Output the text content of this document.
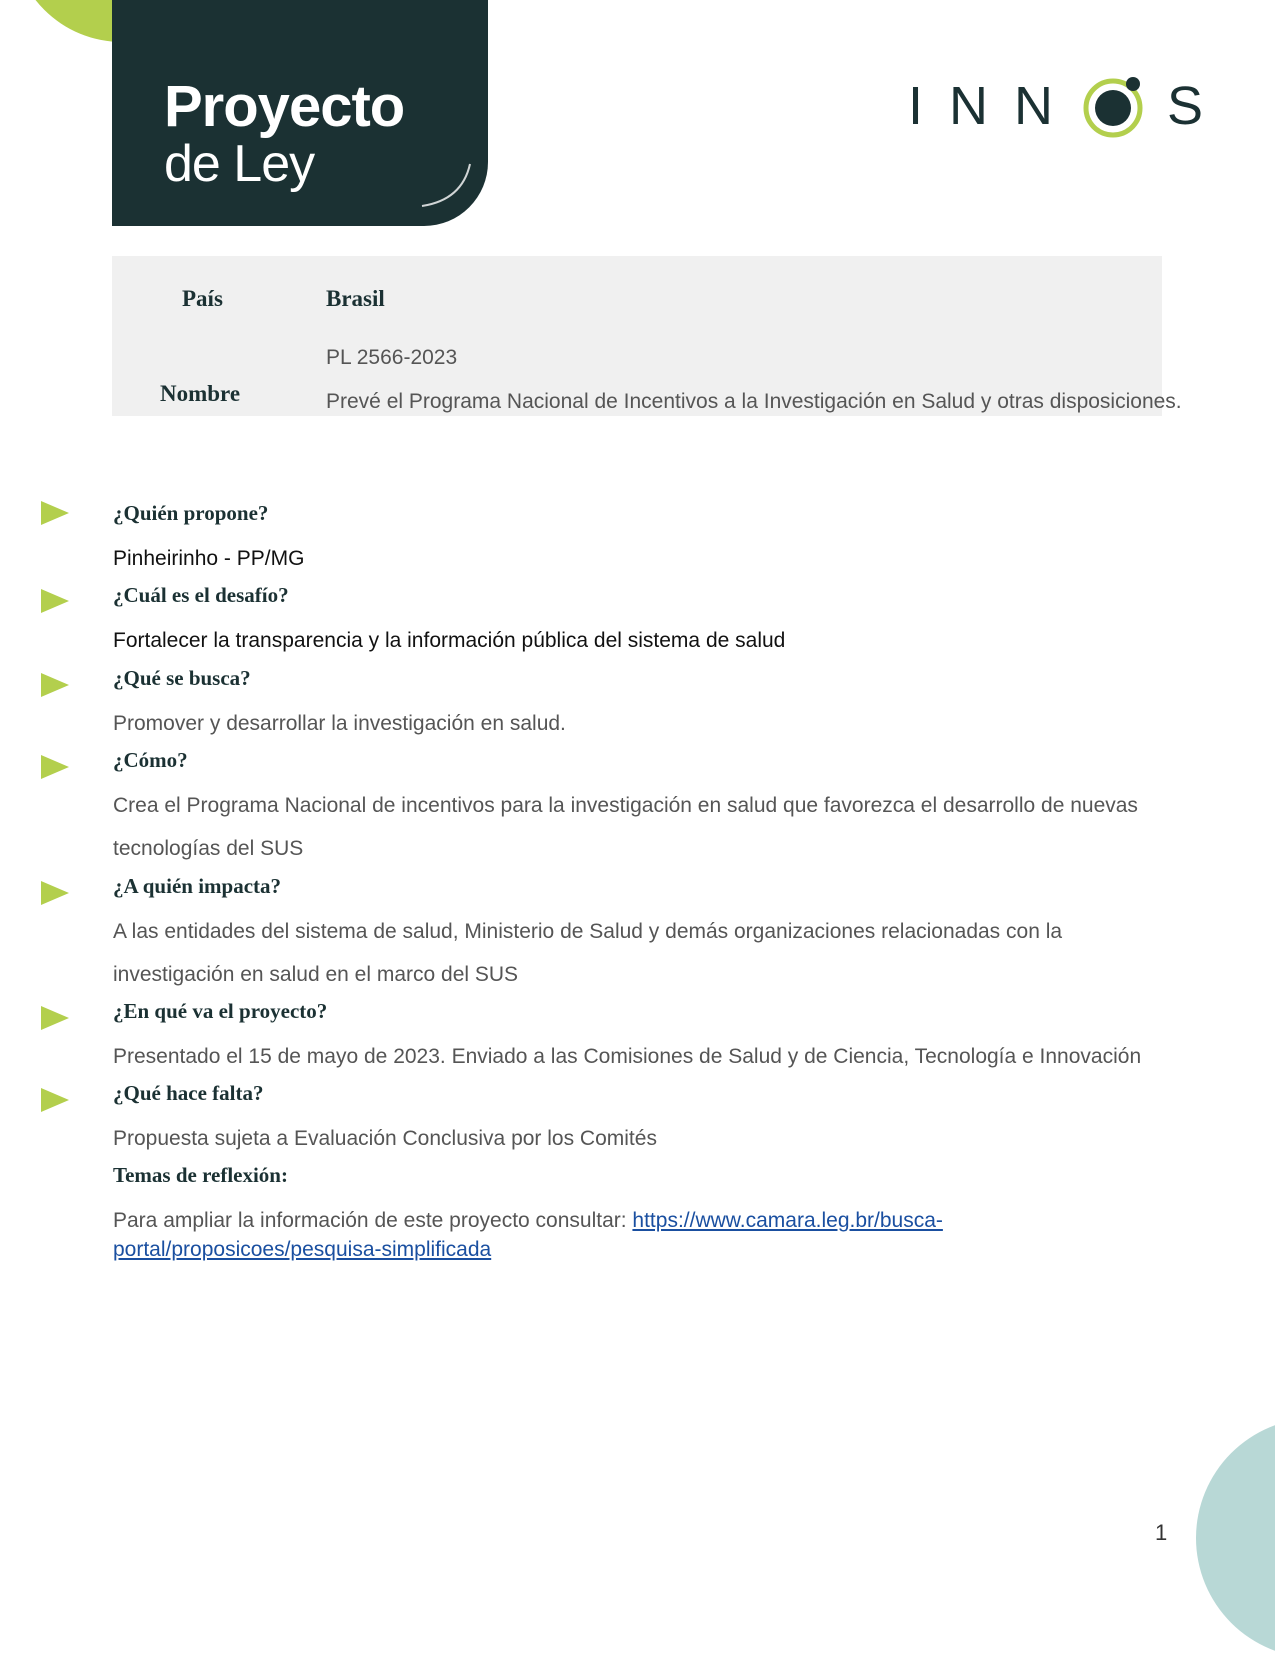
Proyecto
de Ley
I N N S
País	Brasil
Nombre
PL 2566-2023
Prevé el Programa Nacional de Incentivos a la Investigación en Salud y otras disposiciones.

¿Quién propone?

Pinheirinho - PP/MG

¿Cuál es el desafío?

Fortalecer la transparencia y la información pública del sistema de salud

¿Qué se busca?

Promover y desarrollar la investigación en salud.

¿Cómo?

Crea el Programa Nacional de incentivos para la investigación en salud que favorezca el desarrollo de nuevas tecnologías del SUS

¿A quién impacta?

A las entidades del sistema de salud, Ministerio de Salud y demás organizaciones relacionadas con la investigación en salud en el marco del SUS

¿En qué va el proyecto?

Presentado el 15 de mayo de 2023. Enviado a las Comisiones de Salud y de Ciencia, Tecnología e Innovación

¿Qué hace falta?

Propuesta sujeta a Evaluación Conclusiva por los Comités

Temas de reflexión:

Para ampliar la información de este proyecto consultar: https://www.camara.leg.br/busca-portal/proposicoes/pesquisa-simplificada

1
